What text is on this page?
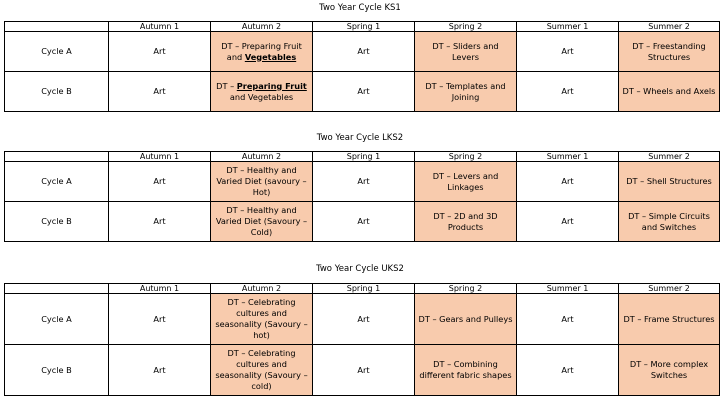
Two Year Cycle KS1
	Autumn 1	Autumn 2	Spring 1	Spring 2	Summer 1	Summer 2
Cycle A	Art	DT – Preparing Fruit and Vegetables	Art	DT – Sliders and Levers	Art	DT – Freestanding Structures
Cycle B	Art	DT – Preparing Fruit and Vegetables	Art	DT – Templates and Joining	Art	DT – Wheels and Axels
Two Year Cycle LKS2
	Autumn 1	Autumn 2	Spring 1	Spring 2	Summer 1	Summer 2
Cycle A	Art	DT – Healthy and Varied Diet (savoury – Hot)	Art	DT – Levers and Linkages	Art	DT – Shell Structures
Cycle B	Art	DT – Healthy and Varied Diet (Savoury – Cold)	Art	DT – 2D and 3D Products	Art	DT – Simple Circuits and Switches
Two Year Cycle UKS2
	Autumn 1	Autumn 2	Spring 1	Spring 2	Summer 1	Summer 2
Cycle A	Art	DT – Celebrating cultures and seasonality (Savoury – hot)	Art	DT – Gears and Pulleys	Art	DT – Frame Structures
Cycle B	Art	DT – Celebrating cultures and seasonality (Savoury – cold)	Art	DT – Combining different fabric shapes	Art	DT – More complex Switches
